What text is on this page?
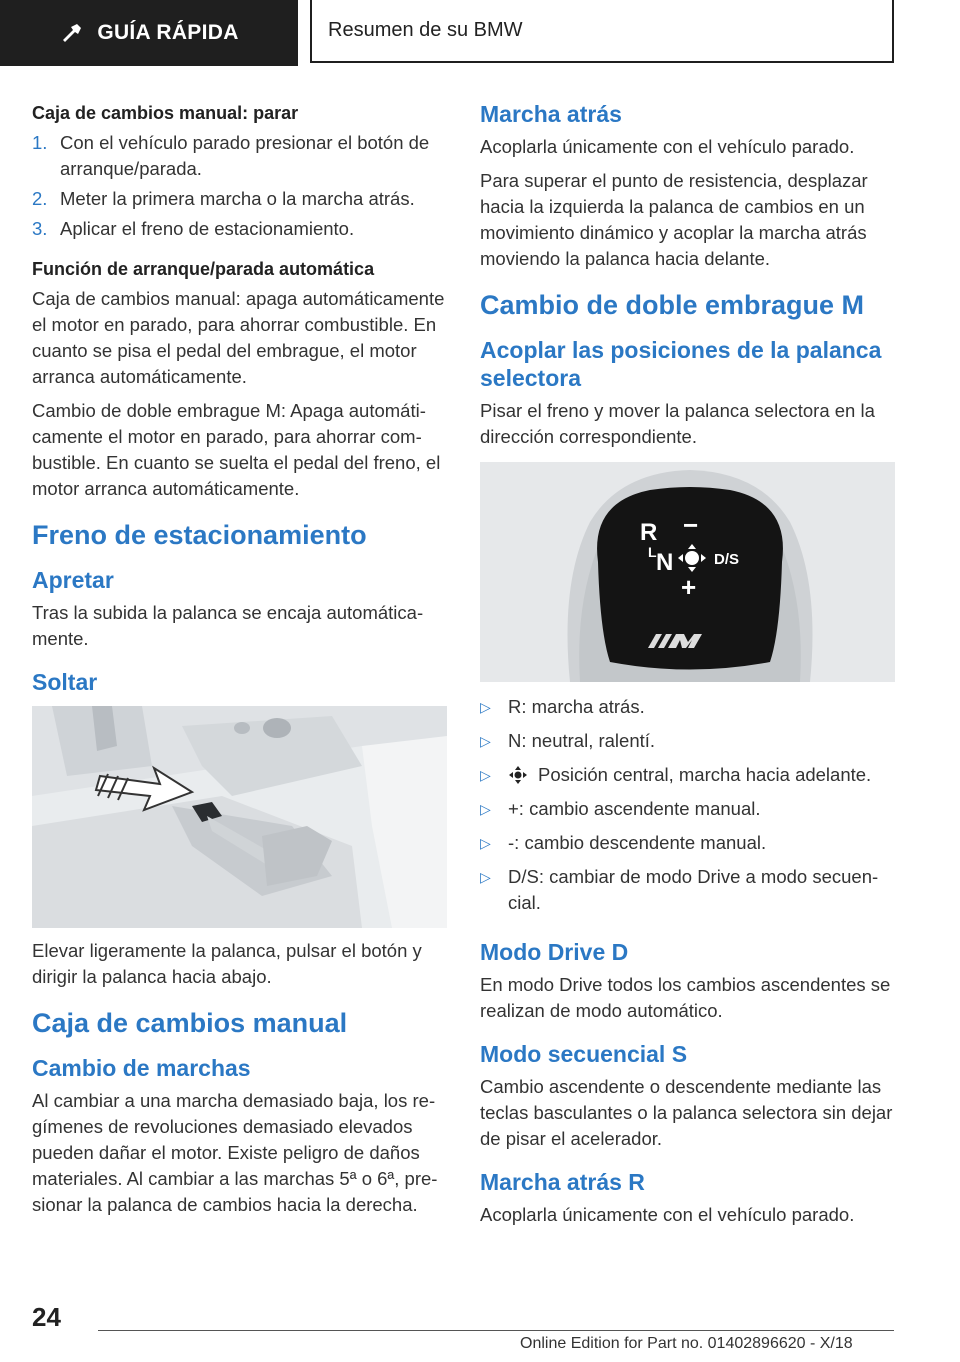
GUÍA RÁPIDA	Resumen de su BMW
Caja de cambios manual: parar
1. Con el vehículo parado presionar el botón de arranque/parada.
2. Meter la primera marcha o la marcha atrás.
3. Aplicar el freno de estacionamiento.
Función de arranque/parada automática

Caja de cambios manual: apaga automáticamente el motor en parado, para ahorrar combustible. En cuanto se pisa el pedal del embrague, el motor arranca automáticamente.

Cambio de doble embrague M: Apaga automáticamente el motor en parado, para ahorrar combustible. En cuanto se suelta el pedal del freno, el motor arranca automáticamente.

Freno de estacionamiento
Apretar

Tras la subida la palanca se encaja automáticamente.

Soltar

Elevar ligeramente la palanca, pulsar el botón y dirigir la palanca hacia abajo.

Caja de cambios manual
Cambio de marchas

Al cambiar a una marcha demasiado baja, los regímenes de revoluciones demasiado elevados pueden dañar el motor. Existe peligro de daños materiales. Al cambiar a las marchas 5ª o 6ª, presionar la palanca de cambios hacia la derecha.

Marcha atrás

Acoplarla únicamente con el vehículo parado.

Para superar el punto de resistencia, desplazar hacia la izquierda la palanca de cambios en un movimiento dinámico y acoplar la marcha atrás moviendo la palanca hacia delante.

Cambio de doble embrague M
Acoplar las posiciones de la palanca selectora

Pisar el freno y mover la palanca selectora en la dirección correspondiente.

R −
L N	D/S
+
▷ R: marcha atrás.
▷ N: neutral, ralentí.
▷	Posición central, marcha hacia adelante.
▷ +: cambio ascendente manual.
▷ -: cambio descendente manual.
▷ D/S: cambiar de modo Drive a modo secuencial.
Modo Drive D

En modo Drive todos los cambios ascendentes se realizan de modo automático.

Modo secuencial S

Cambio ascendente o descendente mediante las teclas basculantes o la palanca selectora sin dejar de pisar el acelerador.

Marcha atrás R

Acoplarla únicamente con el vehículo parado.

24
Online Edition for Part no. 01402896620 - X/18
